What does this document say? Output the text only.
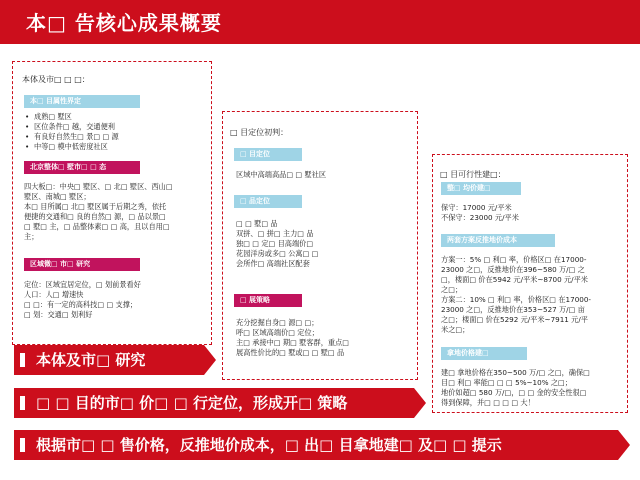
本□ 告核心成果概要
本体及市□ □ □：
本□ 目属性界定
• 成熟□ 墅区
• 区位条件□ 越，交通便利
• 有良好自然生□ 景□ □ 源
• 中等□ 模中低密度社区
北京整体□ 墅市□ □ 态
四大板□：中央□ 墅区、□ 北□ 墅区、西山□
墅区、南城□ 墅区；
本□ 目所属□ 北□ 墅区属于后期之秀，依托
便捷的交通和□ 良的自然□ 源，□ 品以景□
□ 墅□ 主，□ 品整体素□ □ 高，且以自用□
主；
区域微□ 市□ 研究
定位：区域宜居定位，□ 划前景看好
人口：人□ 增速快
□ □：有一定的高科技□ □ 支撑；
□ 划：交通□ 划利好
□ 目定位初判：
□ 目定位
区域中高端高品□ □ 墅社区
□ 品定位
□ □ 墅□ 品
双拼、□ 拼□ 主力□ 品
独□ □ 定□ 目高端价□
花园洋房或多□ 公寓□ □
会所作□ 高端社区配套
□ 展策略
充分挖掘自身□ 源□ □；
呼□ 区域高端价□ 定位；
主□ 承接中□ 期□ 墅客群，重点□
展高性价比的□ 墅或□ □ 墅□ 品
□ 目可行性建□：
整□ 均价建□
保守：17000 元/平米
不保守：23000 元/平米
两套方案反推地价成本
方案一：5% □ 利□ 率，价格区□ 在17000-
23000 之□，反推地价在396~580 万/□ 之
□，楼面□ 价在5942 元/平米~8700 元/平米
之□；
方案二：10% □ 利□ 率，价格区□ 在17000-
23000 之□，反推地价在353~527 万/□ 亩
之□；楼面□ 价在5292 元/平米~7911 元/平
米之□；
拿地价格建□
建□ 拿地价格在350~500 万/□ 之□，确保□
目□ 利□ 率能□ □ □ 5%~10% 之□；
地价如超□ 580 万/□，□ □ 金的安全性很□
得到保障，并□ □ □ □ 大！
本体及市□ 研究
□ □ 目的市□ 价□ □ 行定位，形成开□ 策略
根据市□ □ 售价格，反推地价成本，□ 出□ 目拿地建□ 及□ □ 提示
